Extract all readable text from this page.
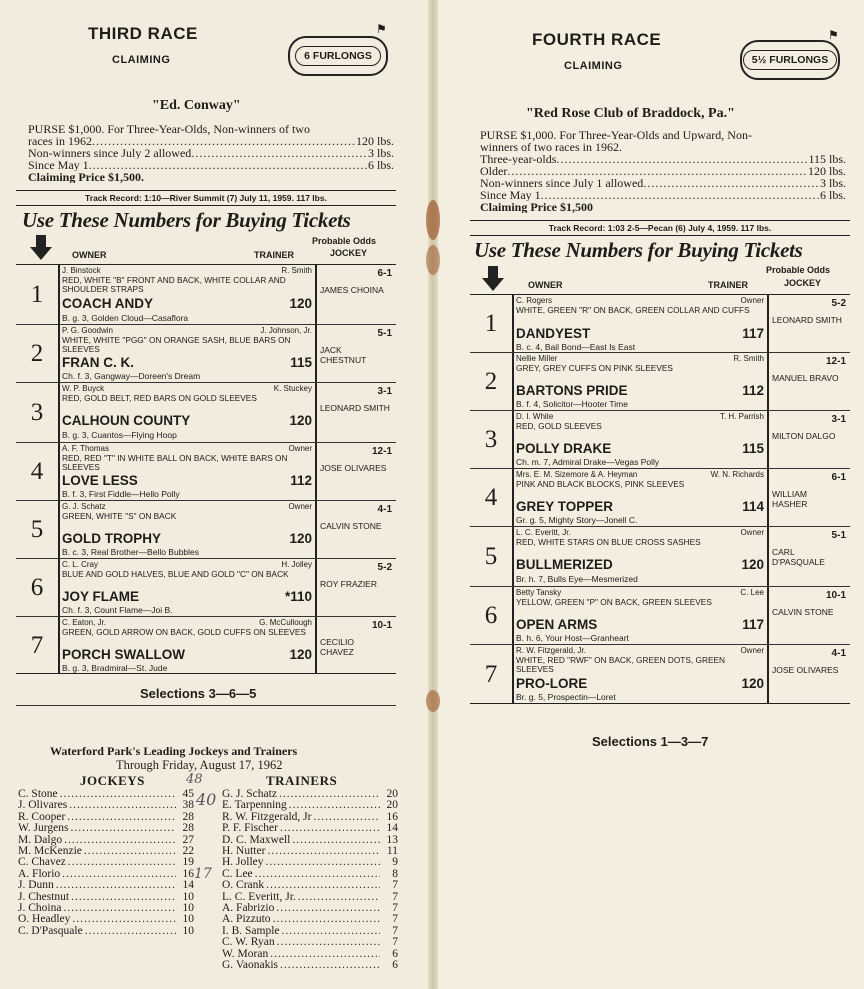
THIRD RACE
CLAIMING	6 FURLONGS
⚑
"Ed. Conway"
PURSE $1,000. For Three-Year-Olds, Non-winners of two
races in 1962 .....	120 lbs.
Non-winners since July 2 allowed .....	3 lbs.
Since May 1 .....	6 lbs.
Claiming Price $1,500.
Track Record: 1:10—River Summit (7) July 11, 1959. 117 lbs.
Use These Numbers for Buying Tickets
OWNER	TRAINER
Probable Odds
JOCKEY
1
J. Binstock	R. Smith
RED, WHITE "B" FRONT AND BACK, WHITE COLLAR AND SHOULDER STRAPS
COACH ANDY	120
B. g. 3, Golden Cloud—Casaflora
6-1
JAMES CHOINA
2
P. G. Goodwin	J. Johnson, Jr.
WHITE, WHITE "PGG" ON ORANGE SASH, BLUE BARS ON SLEEVES
FRAN C. K.	115
Ch. f. 3, Gangway—Doreen's Dream
5-1
JACK CHESTNUT
3
W. P. Buyck	K. Stuckey
RED, GOLD BELT, RED BARS ON GOLD SLEEVES
CALHOUN COUNTY	120
B. g. 3, Cuantos—Flying Hoop
3-1
LEONARD SMITH
4
A. F. Thomas	Owner
RED, RED "T" IN WHITE BALL ON BACK, WHITE BARS ON SLEEVES
LOVE LESS	112
B. f. 3, First Fiddle—Hello Polly
12-1
JOSE OLIVARES
5
G. J. Schatz	Owner
GREEN, WHITE "S" ON BACK
GOLD TROPHY	120
B. c. 3, Real Brother—Bello Bubbles
4-1
CALVIN STONE
6
C. L. Cray	H. Jolley
BLUE AND GOLD HALVES, BLUE AND GOLD "C" ON BACK
JOY FLAME	*110
Ch. f. 3, Count Flame—Joi B.
5-2
ROY FRAZIER
7
C. Eaton, Jr.	G. McCullough
GREEN, GOLD ARROW ON BACK, GOLD CUFFS ON SLEEVES
PORCH SWALLOW	120
B. g. 3, Bradmiral—St. Jude
10-1
CECILIO CHAVEZ
Selections 3—6—5
Waterford Park's Leading Jockeys and Trainers
Through Friday, August 17, 1962
JOCKEYS	TRAINERS
C. Stone .....	45
J. Olivares .....	38
R. Cooper .....	28
W. Jurgens .....	28
M. Dalgo .....	27
M. McKenzie .....	22
C. Chavez .....	19
A. Florio .....	16
J. Dunn .....	14
J. Chestnut .....	10
J. Choina .....	10
O. Headley .....	10
C. D'Pasquale .....	10
G. J. Schatz .....	20
E. Tarpenning .....	20
R. W. Fitzgerald, Jr .....	16
P. F. Fischer .....	14
D. C. Maxwell .....	13
H. Nutter .....	11
H. Jolley .....	9
C. Lee .....	8
O. Crank .....	7
L. C. Everitt, Jr. .....	7
A. Fabrizio .....	7
A. Pizzuto .....	7
I. B. Sample .....	7
C. W. Ryan .....	7
W. Moran .....	6
G. Vaonakis .....	6
48
40
17
FOURTH RACE
CLAIMING	5½ FURLONGS
⚑
"Red Rose Club of Braddock, Pa."
PURSE $1,000. For Three-Year-Olds and Upward, Non-
winners of two races in 1962.
Three-year-olds .....	115 lbs.
Older .....	120 lbs.
Non-winners since July 1 allowed .....	3 lbs.
Since May 1 .....	6 lbs.
Claiming Price $1,500
Track Record: 1:03 2-5—Pecan (6) July 4, 1959. 117 lbs.
Use These Numbers for Buying Tickets
OWNER	TRAINER
Probable Odds
JOCKEY
1
C. Rogers	Owner
WHITE, GREEN "R" ON BACK, GREEN COLLAR AND CUFFS
DANDYEST	117
B. c. 4, Bail Bond—East Is East
5-2
LEONARD SMITH
2
Nellie Miller	R. Smith
GREY, GREY CUFFS ON PINK SLEEVES
BARTONS PRIDE	112
B. f. 4, Solicitor—Hooter Time
12-1
MANUEL BRAVO
3
D. I. White	T. H. Parrish
RED, GOLD SLEEVES
POLLY DRAKE	115
Ch. m. 7, Admiral Drake—Vegas Polly
3-1
MILTON DALGO
4
Mrs. E. M. Sizemore & A. Heyman	W. N. Richards
PINK AND BLACK BLOCKS, PINK SLEEVES
GREY TOPPER	114
Gr. g. 5, Mighty Story—Jonell C.
6-1
WILLIAM HASHER
5
L. C. Everitt, Jr.	Owner
RED, WHITE STARS ON BLUE CROSS SASHES
BULLMERIZED	120
Br. h. 7, Bulls Eye—Mesmerized
5-1
CARL D'PASQUALE
6
Betty Tansky	C. Lee
YELLOW, GREEN "P" ON BACK, GREEN SLEEVES
OPEN ARMS	117
B. h. 6, Your Host—Granheart
10-1
CALVIN STONE
7
R. W. Fitzgerald, Jr.	Owner
WHITE, RED "RWF" ON BACK, GREEN DOTS, GREEN SLEEVES
PRO-LORE	120
Br. g. 5, Prospectin—Loret
4-1
JOSE OLIVARES
Selections 1—3—7
